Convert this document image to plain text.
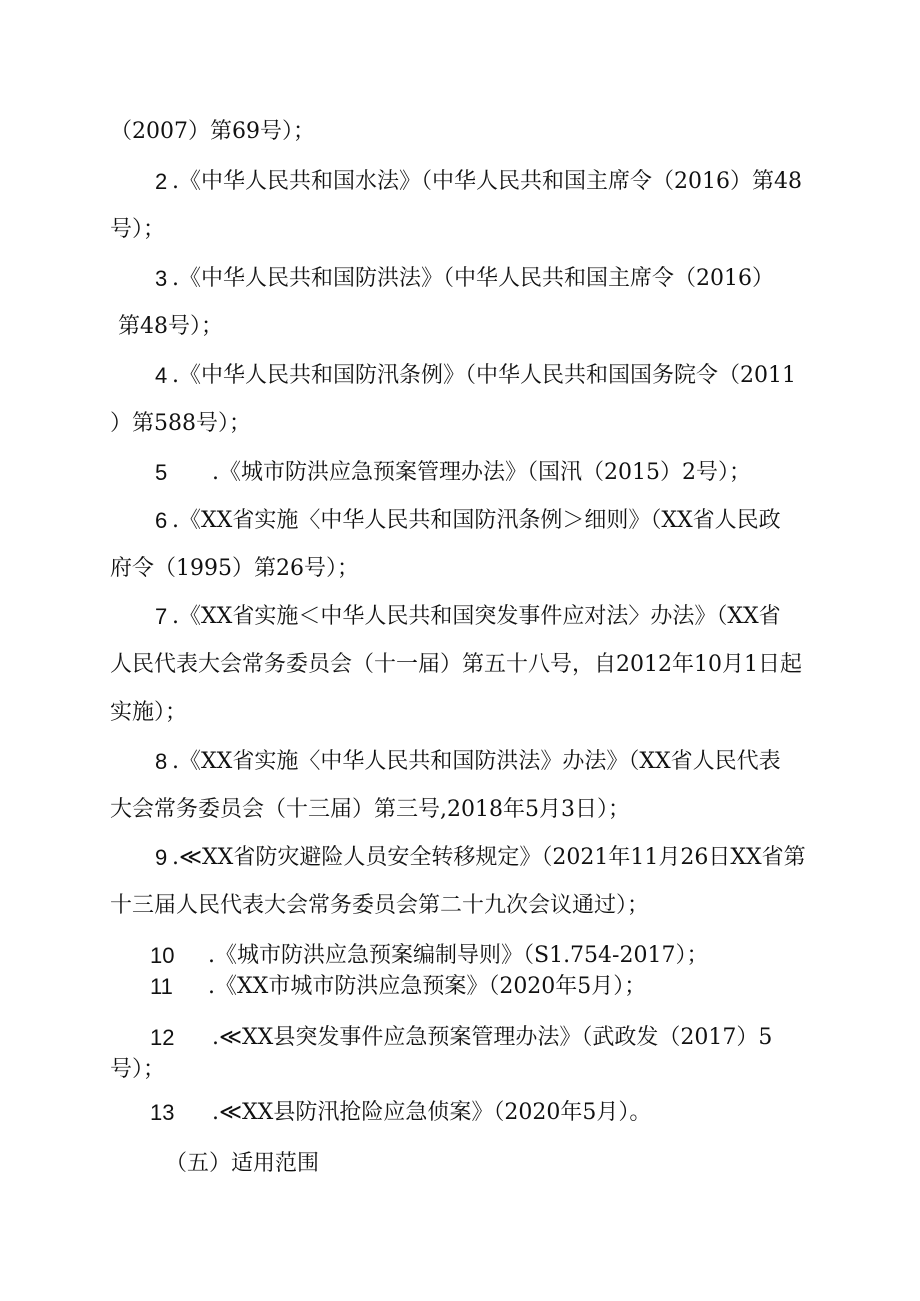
（2007）第69号）；
2 .《中华人民共和国水法》（中华人民共和国主席令（2016）第48
号）；
3 .《中华人民共和国防洪法》（中华人民共和国主席令（2016）
第48号）；
4 .《中华人民共和国防汛条例》（中华人民共和国国务院令（2011
）第588号）；
5 .《城市防洪应急预案管理办法》（国汛（2015）2号）；
6 .《XX省实施〈中华人民共和国防汛条例＞细则》（XX省人民政
府令（1995）第26号）；
7 .《XX省实施＜中华人民共和国突发事件应对法〉办法》（XX省
人民代表大会常务委员会（十一届）第五十八号，自2012年10月1日起
实施）；
8 .《XX省实施〈中华人民共和国防洪法》办法》（XX省人民代表
大会常务委员会（十三届）第三号,2018年5月3日）；
9 .≪XX省防灾避险人员安全转移规定》（2021年11月26日XX省第
十三届人民代表大会常务委员会第二十九次会议通过）；
10 .《城市防洪应急预案编制导则》（S1.754-2017）；
11 .《XX市城市防洪应急预案》（2020年5月）；
12 .≪XX县突发事件应急预案管理办法》（武政发（2017）5
号）；
13 .≪XX县防汛抢险应急侦案》（2020年5月）。
（五）适用范围
